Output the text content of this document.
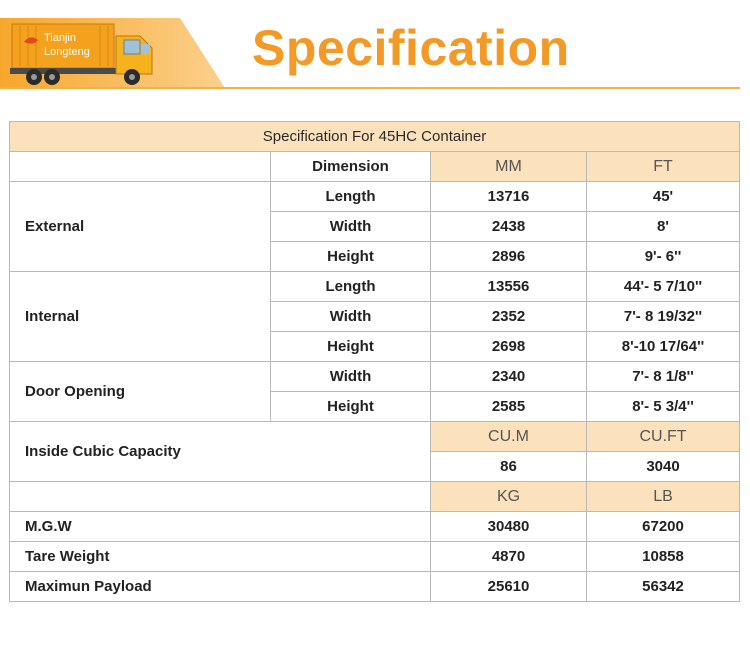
Tianjin
Longteng	Specification
Specification For 45HC Container			
	Dimension	MM	FT
External	Length	13716	45'
	Width	2438	8'
	Height	2896	9'- 6''
Internal	Length	13556	44'- 5 7/10''
	Width	2352	7'- 8 19/32''
	Height	2698	8'-10 17/64''
Door Opening	Width	2340	7'- 8 1/8''
	Height	2585	8'- 5 3/4''
Inside Cubic Capacity		CU.M	CU.FT
		86	3040
		KG	LB
M.G.W		30480	67200
Tare Weight		4870	10858
Maximun Payload		25610	56342
